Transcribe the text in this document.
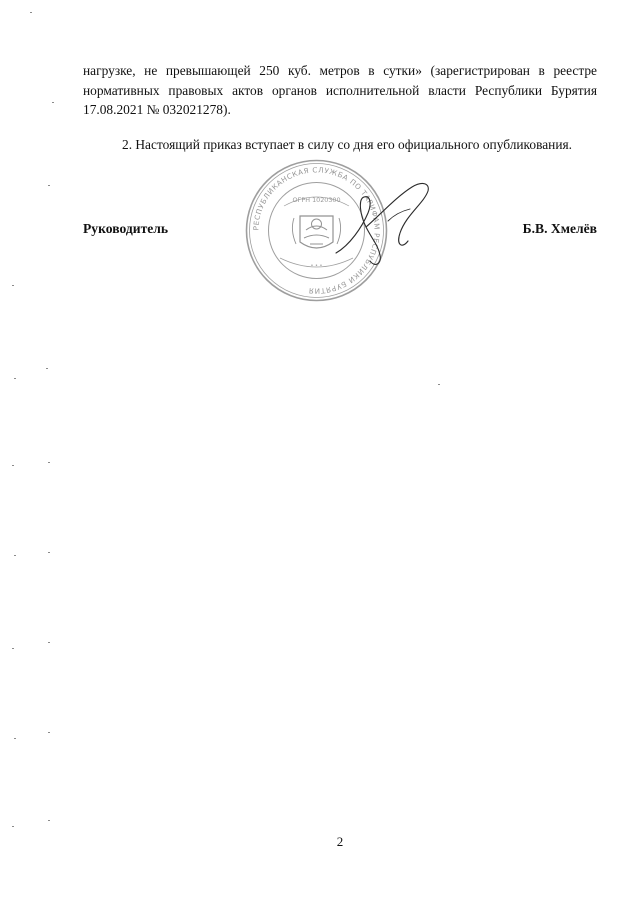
нагрузке, не превышающей 250 куб. метров в сутки» (зарегистрирован в реестре нормативных правовых актов органов исполнительной власти Республики Бурятия 17.08.2021 № 032021278).

2. Настоящий приказ вступает в силу со дня его официального опубликования.

Руководитель	Б.В. Хмелёв
РЕСПУБЛИКАНСКАЯ СЛУЖБА ПО ТАРИФАМ РЕСПУБЛИКИ БУРЯТИЯ
ОГРН 1020300
• • •
2
